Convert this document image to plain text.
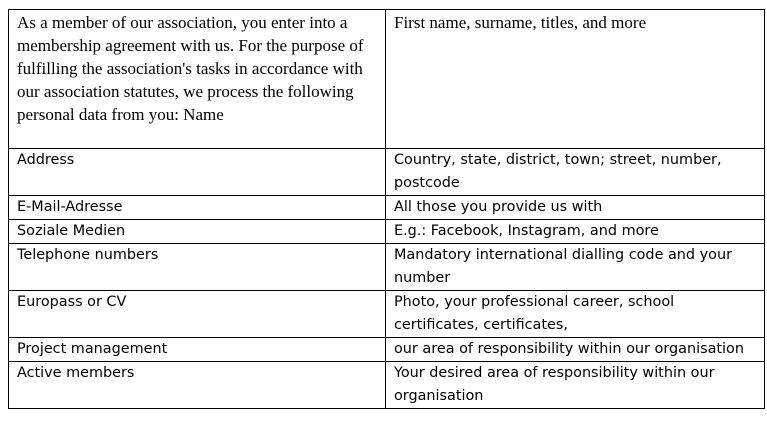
As a member of our association, you enter into a membership agreement with us. For the purpose of fulfilling the association's tasks in accordance with our association statutes, we process the following personal data from you: Name	First name, surname, titles, and more
Address	Country, state, district, town; street, number, postcode
E-Mail-Adresse	All those you provide us with
Soziale Medien	E.g.: Facebook, Instagram, and more
Telephone numbers	Mandatory international dialling code and your number
Europass or CV	Photo, your professional career, school certificates, certificates,
Project management	our area of responsibility within our organisation
Active members	Your desired area of responsibility within our organisation
